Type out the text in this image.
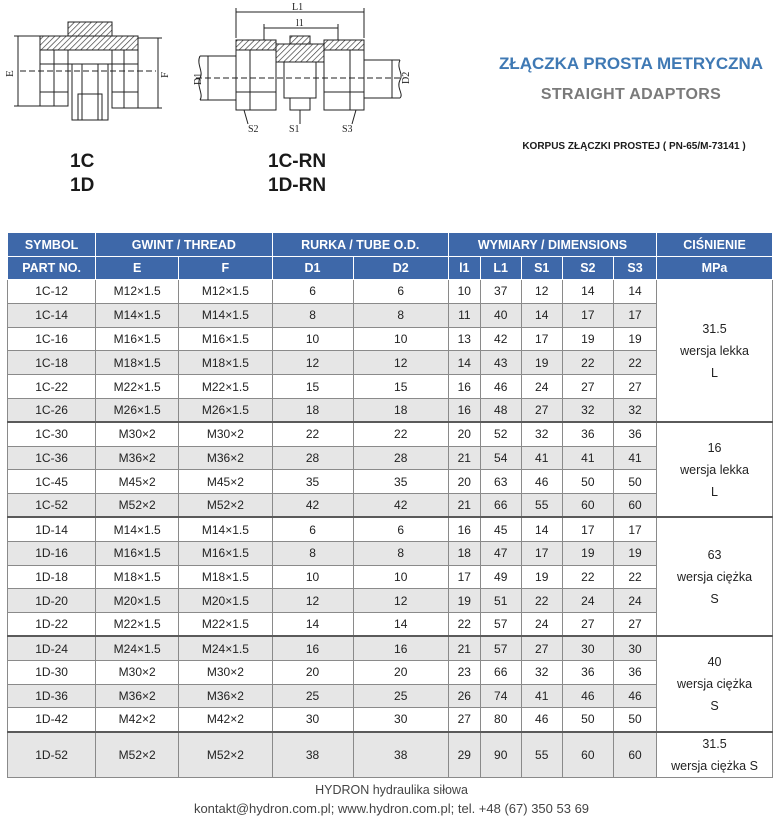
E	F
L1
l1
D1	D2
S2	S1	S3
1C
1D
1C-RN
1D-RN
ZŁĄCZKA PROSTA METRYCZNA
STRAIGHT ADAPTORS
KORPUS ZŁĄCZKI PROSTEJ ( PN-65/M-73141 )
SYMBOL	GWINT / THREAD		RURKA / TUBE O.D.		WYMIARY / DIMENSIONS					CIŚNIENIE
PART NO.	E	F	D1	D2	l1	L1	S1	S2	S3	MPa
1C-12	M12×1.5	M12×1.5	6	6	10	37	12	14	14	31.5
wersja lekka
L

1C-14	M14×1.5	M14×1.5	8	8	11	40	14	17	17	
1C-16	M16×1.5	M16×1.5	10	10	13	42	17	19	19	
1C-18	M18×1.5	M18×1.5	12	12	14	43	19	22	22	
1C-22	M22×1.5	M22×1.5	15	15	16	46	24	27	27	
1C-26	M26×1.5	M26×1.5	18	18	16	48	27	32	32	
1C-30	M30×2	M30×2	22	22	20	52	32	36	36	16
wersja lekka
L

1C-36	M36×2	M36×2	28	28	21	54	41	41	41	
1C-45	M45×2	M45×2	35	35	20	63	46	50	50	
1C-52	M52×2	M52×2	42	42	21	66	55	60	60	
1D-14	M14×1.5	M14×1.5	6	6	16	45	14	17	17	63
wersja ciężka
S

1D-16	M16×1.5	M16×1.5	8	8	18	47	17	19	19	
1D-18	M18×1.5	M18×1.5	10	10	17	49	19	22	22	
1D-20	M20×1.5	M20×1.5	12	12	19	51	22	24	24	
1D-22	M22×1.5	M22×1.5	14	14	22	57	24	27	27	
1D-24	M24×1.5	M24×1.5	16	16	21	57	27	30	30	40
wersja ciężka
S

1D-30	M30×2	M30×2	20	20	23	66	32	36	36	
1D-36	M36×2	M36×2	25	25	26	74	41	46	46	
1D-42	M42×2	M42×2	30	30	27	80	46	50	50	
1D-52	M52×2	M52×2	38	38	29	90	55	60	60	31.5
wersja ciężka S
HYDRON hydraulika siłowa
kontakt@hydron.com.pl; www.hydron.com.pl; tel. +48 (67) 350 53 69
